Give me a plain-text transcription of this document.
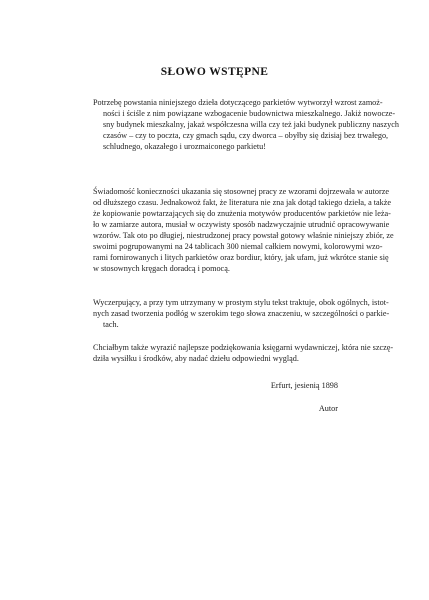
SŁOWO WSTĘPNE
Potrzebę powstania niniejszego dzieła dotyczącego parkietów wytworzył wzrost zamoż-
ności i ściśle z nim powiązane wzbogacenie budownictwa mieszkalnego. Jakiż nowocze-
sny budynek mieszkalny, jakaż współczesna willa czy też jaki budynek publiczny naszych
czasów – czy to poczta, czy gmach sądu, czy dworca – obyłby się dzisiaj bez trwałego,
schludnego, okazałego i urozmaiconego parkietu!
Świadomość konieczności ukazania się stosownej pracy ze wzorami dojrzewała w autorze
od dłuższego czasu. Jednakowoż fakt, że literatura nie zna jak dotąd takiego dzieła, a także
że kopiowanie powtarzających się do znużenia motywów producentów parkietów nie leża-
ło w zamiarze autora, musiał w oczywisty sposób nadzwyczajnie utrudnić opracowywanie
wzorów. Tak oto po długiej, niestrudzonej pracy powstał gotowy właśnie niniejszy zbiór, ze
swoimi pogrupowanymi na 24 tablicach 300 niemal całkiem nowymi, kolorowymi wzo-
rami fornirowanych i litych parkietów oraz bordiur, który, jak ufam, już wkrótce stanie się
w stosownych kręgach doradcą i pomocą.
Wyczerpujący, a przy tym utrzymany w prostym stylu tekst traktuje, obok ogólnych, istot-
nych zasad tworzenia podłóg w szerokim tego słowa znaczeniu, w szczególności o parkie-
tach.
Chciałbym także wyrazić najlepsze podziękowania księgarni wydawniczej, która nie szczę-
dziła wysiłku i środków, aby nadać dziełu odpowiedni wygląd.
Erfurt, jesienią 1898
Autor
